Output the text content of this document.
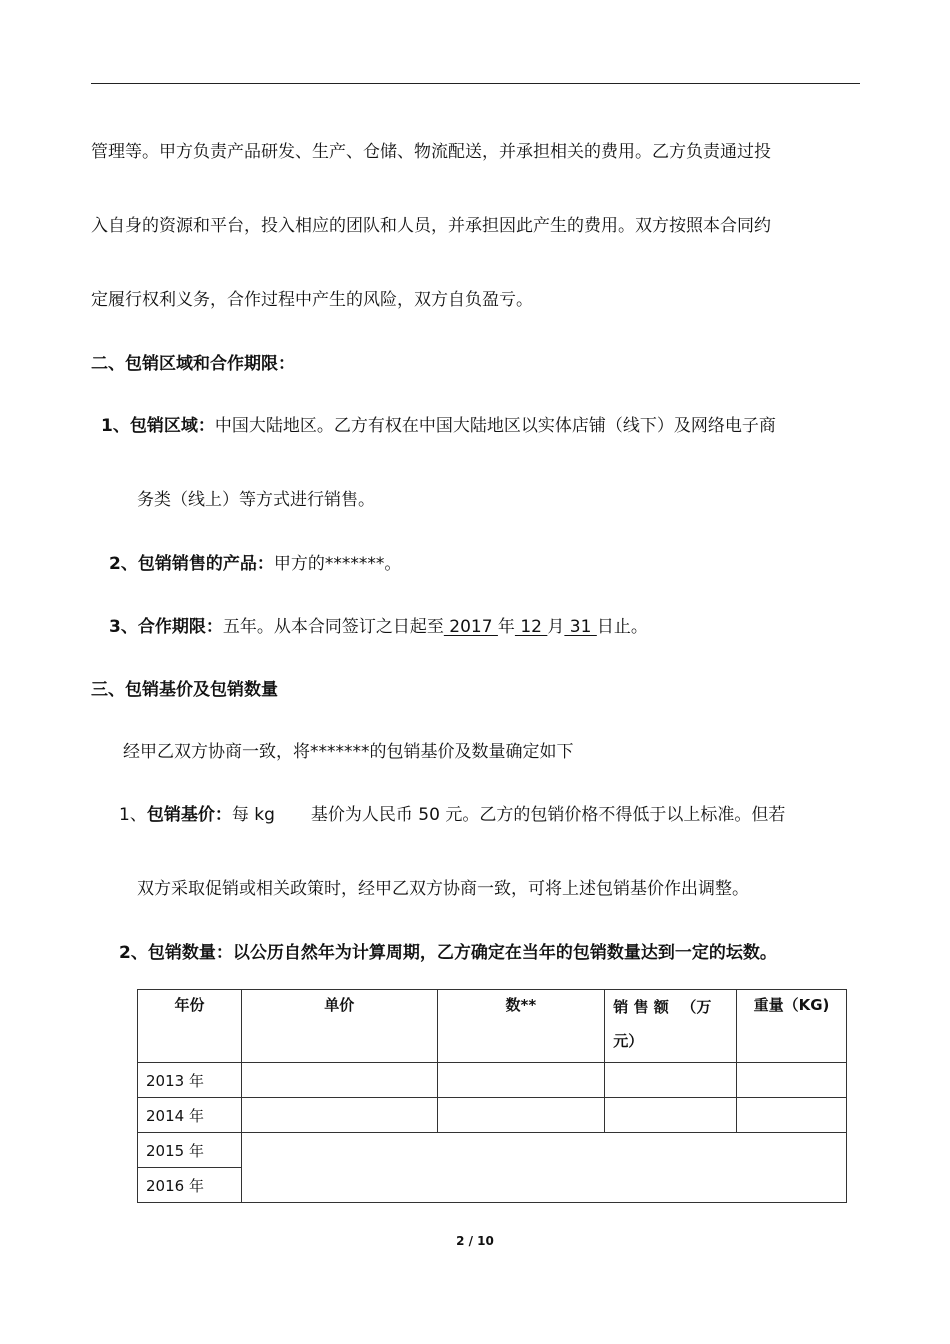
管理等。甲方负责产品研发、生产、仓储、物流配送，并承担相关的费用。乙方负责通过投
入自身的资源和平台，投入相应的团队和人员，并承担因此产生的费用。双方按照本合同约
定履行权利义务，合作过程中产生的风险，双方自负盈亏。
二、包销区域和合作期限：
1、包销区域：中国大陆地区。乙方有权在中国大陆地区以实体店铺（线下）及网络电子商
务类（线上）等方式进行销售。
2、包销销售的产品：甲方的*******。
3、合作期限：五年。从本合同签订之日起至 2017 年 12 月 31 日止。
三、包销基价及包销数量
经甲乙双方协商一致，将*******的包销基价及数量确定如下
1、包销基价：每 kg 基价为人民币 50 元。乙方的包销价格不得低于以上标准。但若
双方采取促销或相关政策时，经甲乙双方协商一致，可将上述包销基价作出调整。
2、包销数量：以公历自然年为计算周期，乙方确定在当年的包销数量达到一定的坛数。
年份	单价	数**	销 售 额 　（万 元）	重量（KG)
2013 年				
2014 年				
2015 年				
2016 年				
2 / 10
